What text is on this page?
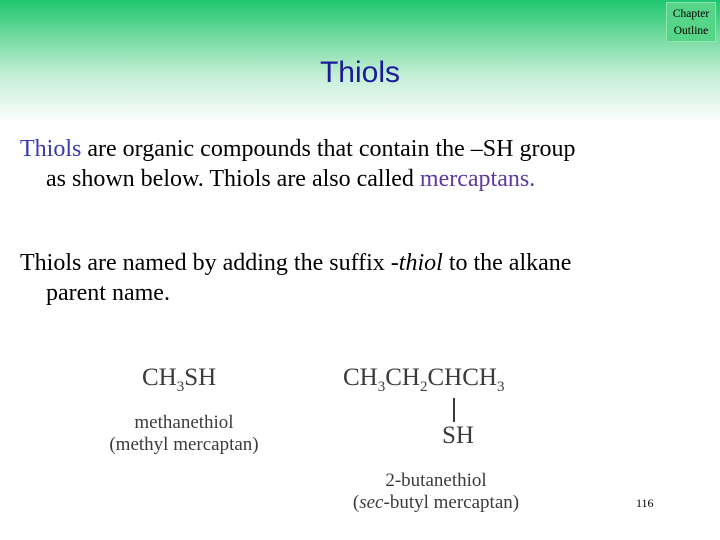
Chapter
Outline
Thiols
Thiols are organic compounds that contain the –SH group
as shown below. Thiols are also called mercaptans.
Thiols are named by adding the suffix -thiol to the alkane
parent name.
$CH_3SH$
methanethiol
(methyl mercaptan)
$CH_3CH_2CHCH_3$
SH
2-butanethiol
(sec-butyl mercaptan)	116
